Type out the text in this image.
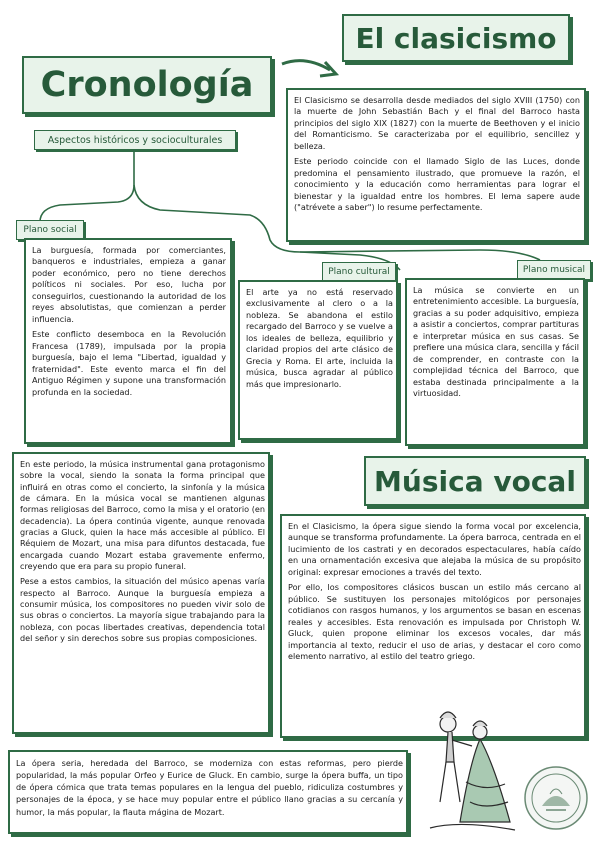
El clasicismo
Cronología
Aspectos históricos y socioculturales

El Clasicismo se desarrolla desde mediados del siglo XVIII (1750) con la muerte de John Sebastián Bach y el final del Barroco hasta principios del siglo XIX (1827) con la muerte de Beethoven y el inicio del Romanticismo. Se caracterizaba por el equilibrio, sencillez y belleza.

Este periodo coincide con el llamado Siglo de las Luces, donde predomina el pensamiento ilustrado, que promueve la razón, el conocimiento y la educación como herramientas para lograr el bienestar y la igualdad entre los hombres. El lema sapere aude ("atrévete a saber") lo resume perfectamente.

Plano social

La burguesía, formada por comerciantes, banqueros e industriales, empieza a ganar poder económico, pero no tiene derechos políticos ni sociales. Por eso, lucha por conseguirlos, cuestionando la autoridad de los reyes absolutistas, que comienzan a perder influencia.

Este conflicto desemboca en la Revolución Francesa (1789), impulsada por la propia burguesía, bajo el lema "Libertad, igualdad y fraternidad". Este evento marca el fin del Antiguo Régimen y supone una transformación profunda en la sociedad.

Plano cultural

El arte ya no está reservado exclusivamente al clero o a la nobleza. Se abandona el estilo recargado del Barroco y se vuelve a los ideales de belleza, equilibrio y claridad propios del arte clásico de Grecia y Roma. El arte, incluida la música, busca agradar al público más que impresionarlo.

Plano musical

La música se convierte en un entretenimiento accesible. La burguesía, gracias a su poder adquisitivo, empieza a asistir a conciertos, comprar partituras e interpretar música en sus casas. Se prefiere una música clara, sencilla y fácil de comprender, en contraste con la complejidad técnica del Barroco, que estaba destinada principalmente a la virtuosidad.

En este periodo, la música instrumental gana protagonismo sobre la vocal, siendo la sonata la forma principal que influirá en otras como el concierto, la sinfonía y la música de cámara. En la música vocal se mantienen algunas formas religiosas del Barroco, como la misa y el oratorio (en decadencia). La ópera continúa vigente, aunque renovada gracias a Gluck, quien la hace más accesible al público. El Réquiem de Mozart, una misa para difuntos destacada, fue encargada cuando Mozart estaba gravemente enfermo, creyendo que era para su propio funeral.

Pese a estos cambios, la situación del músico apenas varía respecto al Barroco. Aunque la burguesía empieza a consumir música, los compositores no pueden vivir solo de sus obras o conciertos. La mayoría sigue trabajando para la nobleza, con pocas libertades creativas, dependencia total del señor y sin derechos sobre sus propias composiciones.

Música vocal

En el Clasicismo, la ópera sigue siendo la forma vocal por excelencia, aunque se transforma profundamente. La ópera barroca, centrada en el lucimiento de los castrati y en decorados espectaculares, había caído en una ornamentación excesiva que alejaba la música de su propósito original: expresar emociones a través del texto.

Por ello, los compositores clásicos buscan un estilo más cercano al público. Se sustituyen los personajes mitológicos por personajes cotidianos con rasgos humanos, y los argumentos se basan en escenas reales y accesibles. Esta renovación es impulsada por Christoph W. Gluck, quien propone eliminar los excesos vocales, dar más importancia al texto, reducir el uso de arias, y destacar el coro como elemento narrativo, al estilo del teatro griego.

La ópera seria, heredada del Barroco, se moderniza con estas reformas, pero pierde popularidad, la más popular Orfeo y Eurice de Gluck. En cambio, surge la ópera buffa, un tipo de ópera cómica que trata temas populares en la lengua del pueblo, ridiculiza costumbres y personajes de la época, y se hace muy popular entre el público llano gracias a su cercanía y humor, la más popular, la flauta mágina de Mozart.
